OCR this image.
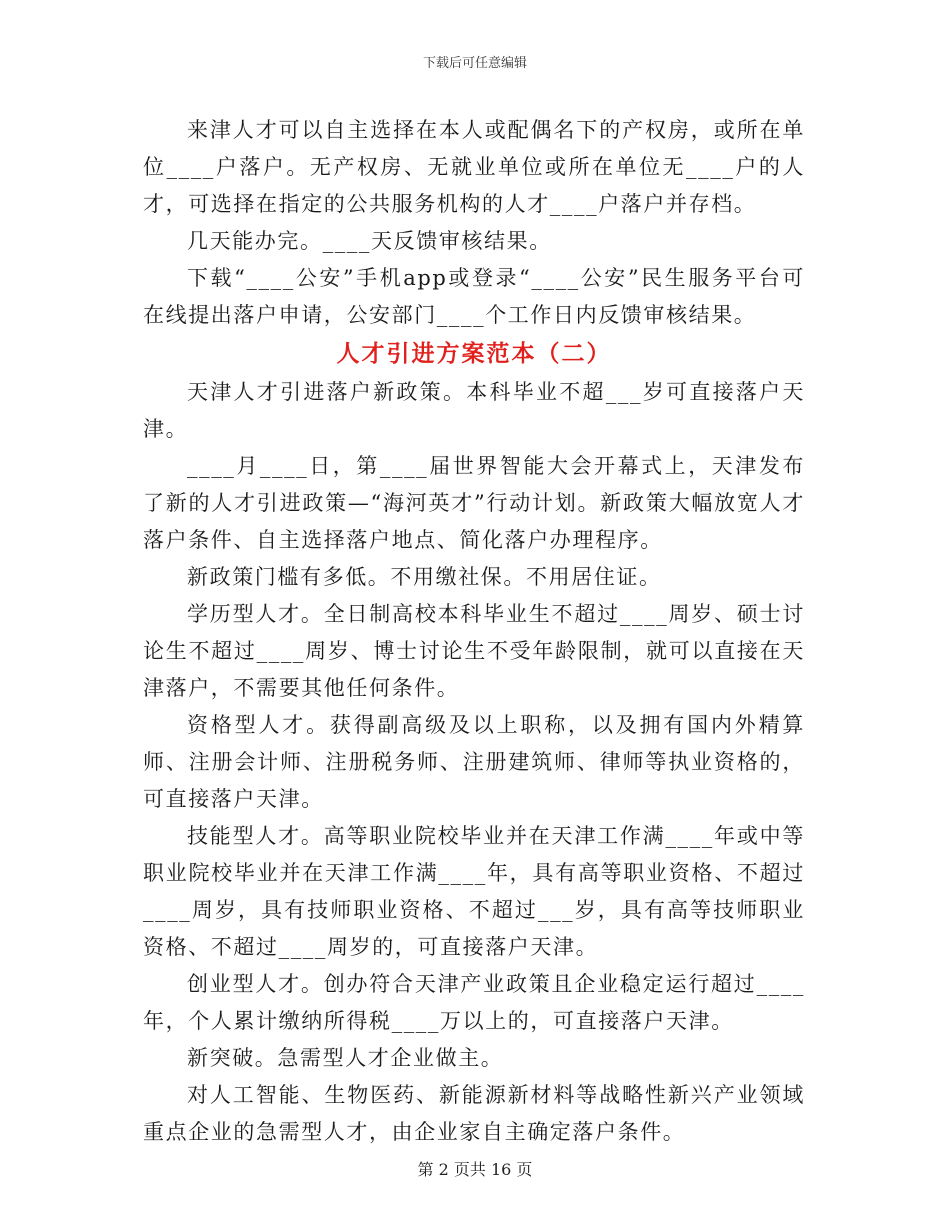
下载后可任意编辑

来津人才可以自主选择在本人或配偶名下的产权房，或所在单位____户落户。无产权房、无就业单位或所在单位无____户的人才，可选择在指定的公共服务机构的人才____户落户并存档。

几天能办完。____天反馈审核结果。

下载“____公安”手机app或登录“____公安”民生服务平台可在线提出落户申请，公安部门____个工作日内反馈审核结果。

人才引进方案范本（二）

天津人才引进落户新政策。本科毕业不超___岁可直接落户天津。

____月____日，第____届世界智能大会开幕式上，天津发布了新的人才引进政策—“海河英才”行动计划。新政策大幅放宽人才落户条件、自主选择落户地点、简化落户办理程序。

新政策门槛有多低。不用缴社保。不用居住证。

学历型人才。全日制高校本科毕业生不超过____周岁、硕士讨论生不超过____周岁、博士讨论生不受年龄限制，就可以直接在天津落户，不需要其他任何条件。

资格型人才。获得副高级及以上职称，以及拥有国内外精算师、注册会计师、注册税务师、注册建筑师、律师等执业资格的，可直接落户天津。

技能型人才。高等职业院校毕业并在天津工作满____年或中等职业院校毕业并在天津工作满____年，具有高等职业资格、不超过____周岁，具有技师职业资格、不超过___岁，具有高等技师职业资格、不超过____周岁的，可直接落户天津。

创业型人才。创办符合天津产业政策且企业稳定运行超过____年，个人累计缴纳所得税____万以上的，可直接落户天津。

新突破。急需型人才企业做主。

对人工智能、生物医药、新能源新材料等战略性新兴产业领域重点企业的急需型人才，由企业家自主确定落户条件。

第 2 页共 16 页
